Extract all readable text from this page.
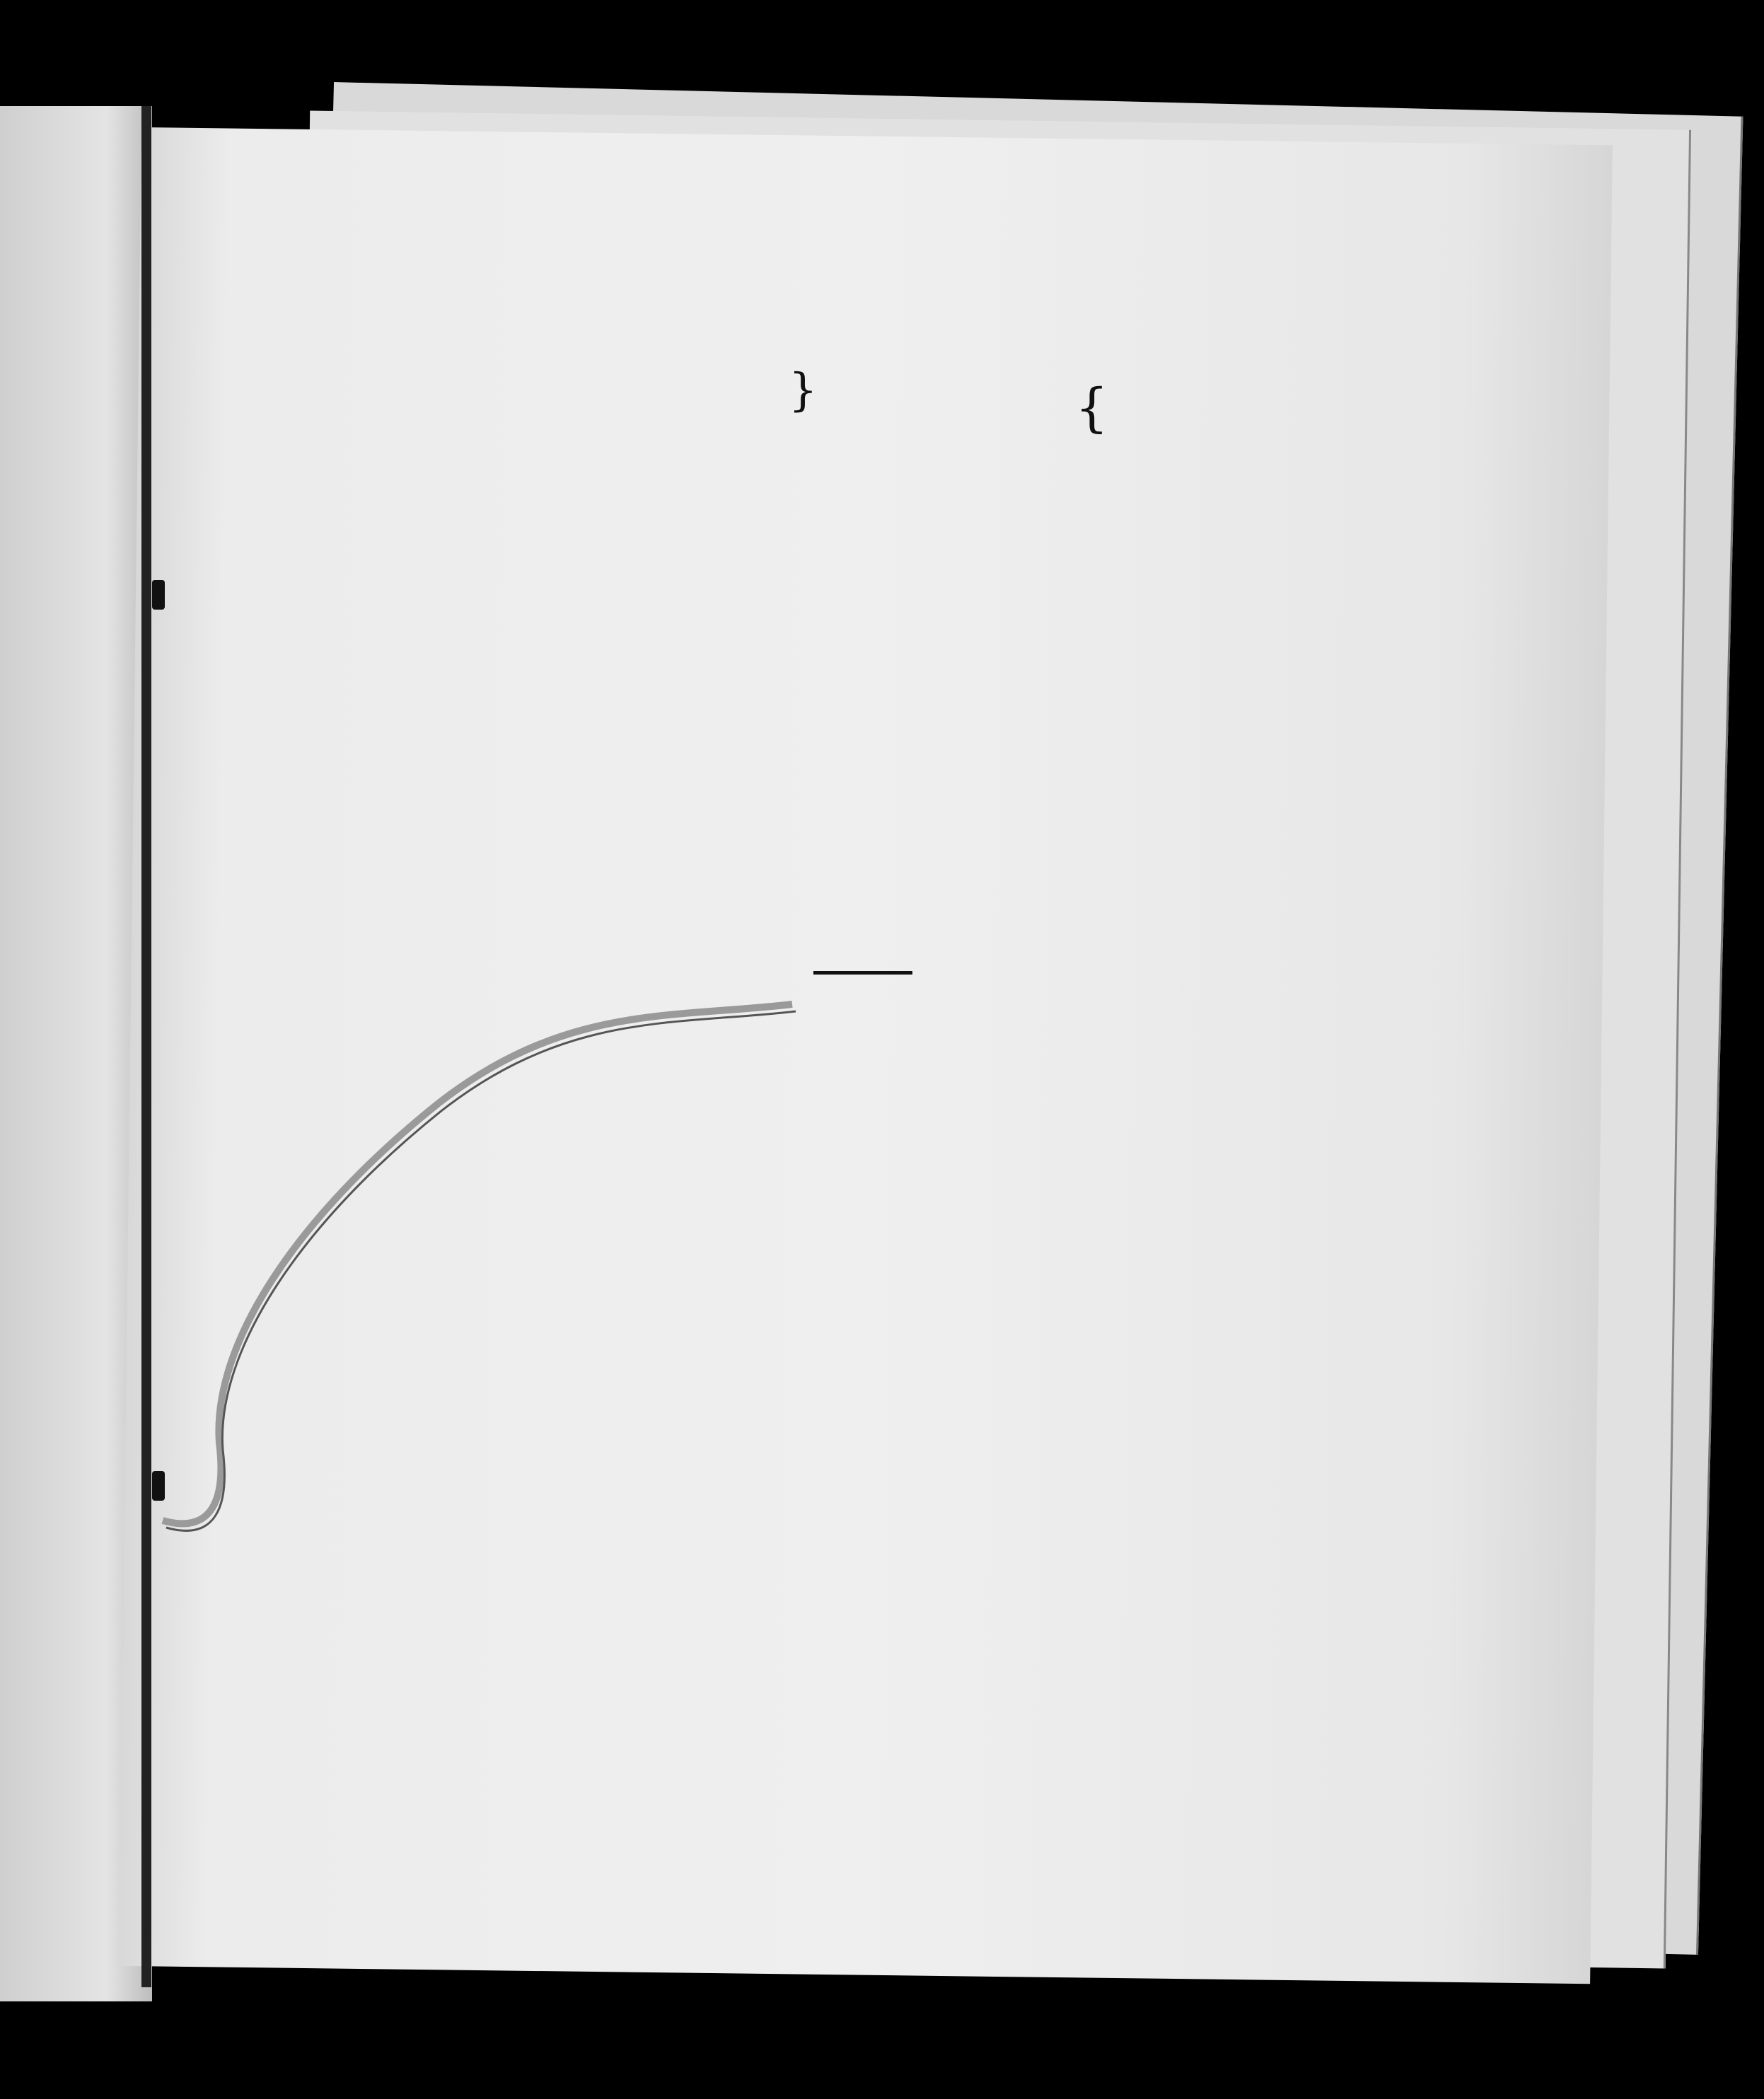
}	{
